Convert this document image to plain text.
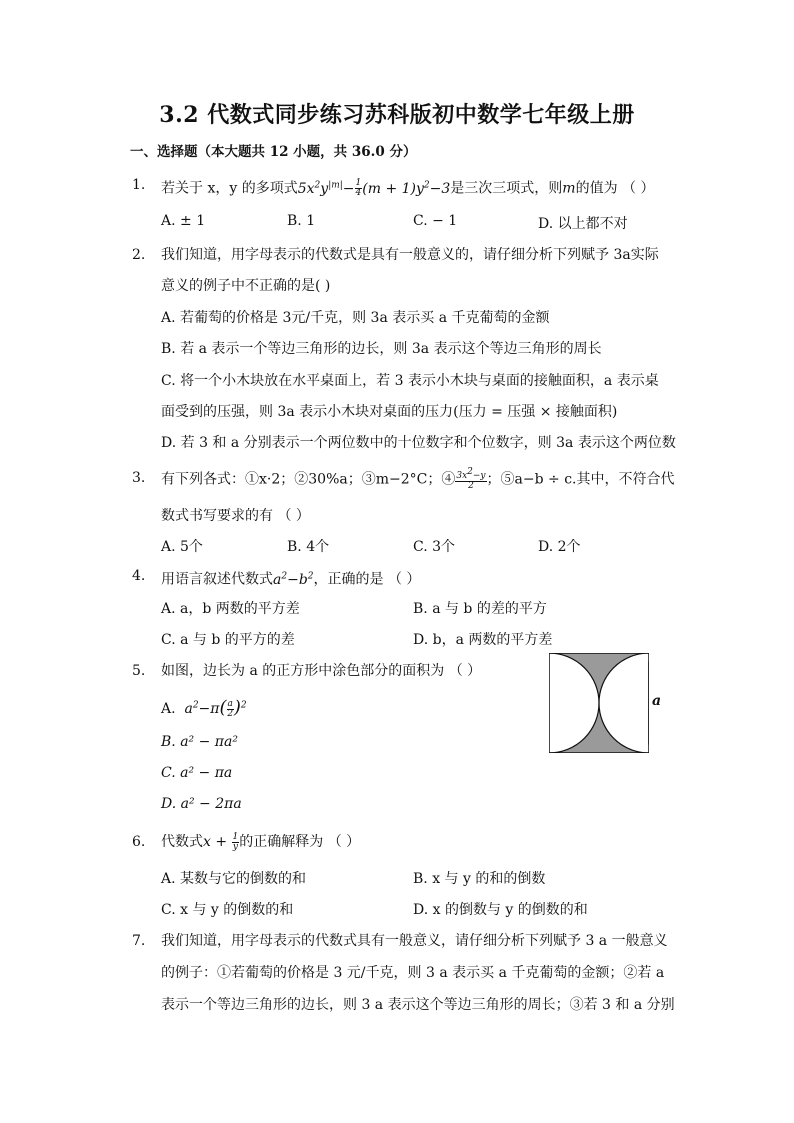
3.2 代数式同步练习苏科版初中数学七年级上册
一、选择题（本大题共 12 小题，共 36.0 分）
1.	若关于 x，y 的多项式$5x^2y^{|m|}- \frac{1}{4} (m + 1)y^2-3$是三次三项式，则m的值为 （ ）
A. ± 1	B. 1	C. − 1	D. 以上都不对
2.	我们知道，用字母表示的代数式是具有一般意义的，请仔细分析下列赋予 3a实际
意义的例子中不正确的是( )
A. 若葡萄的价格是 3元/千克，则 3a 表示买 a 千克葡萄的金额
B. 若 a 表示一个等边三角形的边长，则 3a 表示这个等边三角形的周长
C. 将一个小木块放在水平桌面上，若 3 表示小木块与桌面的接触面积，a 表示桌
面受到的压强，则 3a 表示小木块对桌面的压力(压力 = 压强 × 接触面积)
D. 若 3 和 a 分别表示一个两位数中的十位数字和个位数字，则 3a 表示这个两位数
3.	有下列各式：①x·2；②30%a；③m−2°C；④ $\frac{3x^2-y}{2}$ ；⑤a−b ÷ c.其中，不符合代
数式书写要求的有 （ ）
A. 5个	B. 4个	C. 3个	D. 2个
4.	用语言叙述代数式$a^2-b^2$，正确的是 （ ）
A. a，b 两数的平方差	B. a 与 b 的差的平方
C. a 与 b 的平方的差	D. b，a 两数的平方差
5.	如图，边长为 a 的正方形中涂色部分的面积为 （ ）
A.  $a^2-\pi( \frac{a}{2} )^2$
B. a² − πa²
C. a² − πa
D. a² − 2πa
a
6.	代数式$x + \frac{1}{y}$ 的正确解释为 （ ）
A. 某数与它的倒数的和	B. x 与 y 的和的倒数
C. x 与 y 的倒数的和	D. x 的倒数与 y 的倒数的和
7.	我们知道，用字母表示的代数式具有一般意义，请仔细分析下列赋予 3 a 一般意义
的例子：①若葡萄的价格是 3 元/千克，则 3 a 表示买 a 千克葡萄的金额；②若 a
表示一个等边三角形的边长，则 3 a 表示这个等边三角形的周长；③若 3 和 a 分别
